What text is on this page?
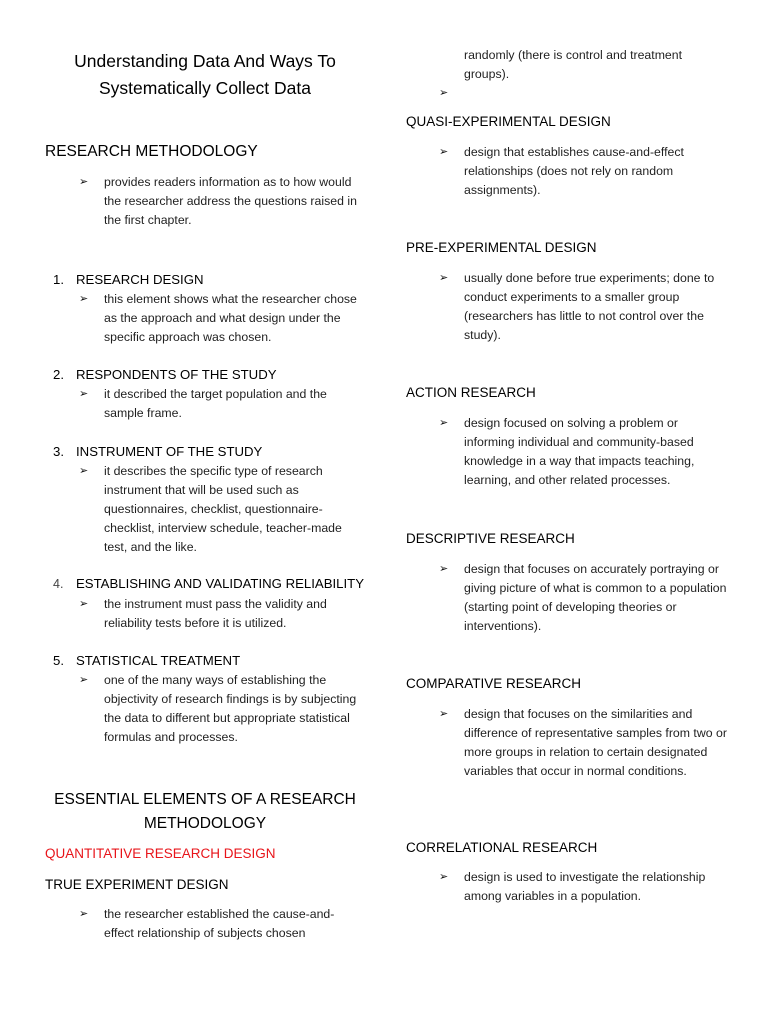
Understanding Data And Ways To Systematically Collect Data
RESEARCH METHODOLOGY
➢ provides readers information as to how would the researcher address the questions raised in the first chapter.
1. RESEARCH DESIGN
➢ this element shows what the researcher chose as the approach and what design under the specific approach was chosen.
2. RESPONDENTS OF THE STUDY
➢ it described the target population and the sample frame.
3. INSTRUMENT OF THE STUDY
➢ it describes the specific type of research instrument that will be used such as questionnaires, checklist, questionnaire-checklist, interview schedule, teacher-made test, and the like.
4. ESTABLISHING AND VALIDATING RELIABILITY
➢ the instrument must pass the validity and reliability tests before it is utilized.
5. STATISTICAL TREATMENT
➢ one of the many ways of establishing the objectivity of research findings is by subjecting the data to different but appropriate statistical formulas and processes.
ESSENTIAL ELEMENTS OF A RESEARCH
METHODOLOGY
QUANTITATIVE RESEARCH DESIGN
TRUE EXPERIMENT DESIGN
➢ the researcher established the cause-and-effect relationship of subjects chosen
randomly (there is control and treatment groups).
➢
QUASI-EXPERIMENTAL DESIGN
➢ design that establishes cause-and-effect relationships (does not rely on random assignments).
PRE-EXPERIMENTAL DESIGN
➢ usually done before true experiments; done to conduct experiments to a smaller group (researchers has little to not control over the study).
ACTION RESEARCH
➢ design focused on solving a problem or informing individual and community-based knowledge in a way that impacts teaching, learning, and other related processes.
DESCRIPTIVE RESEARCH
➢ design that focuses on accurately portraying or giving picture of what is common to a population (starting point of developing theories or interventions).
COMPARATIVE RESEARCH
➢ design that focuses on the similarities and difference of representative samples from two or more groups in relation to certain designated variables that occur in normal conditions.
CORRELATIONAL RESEARCH
➢ design is used to investigate the relationship among variables in a population.
